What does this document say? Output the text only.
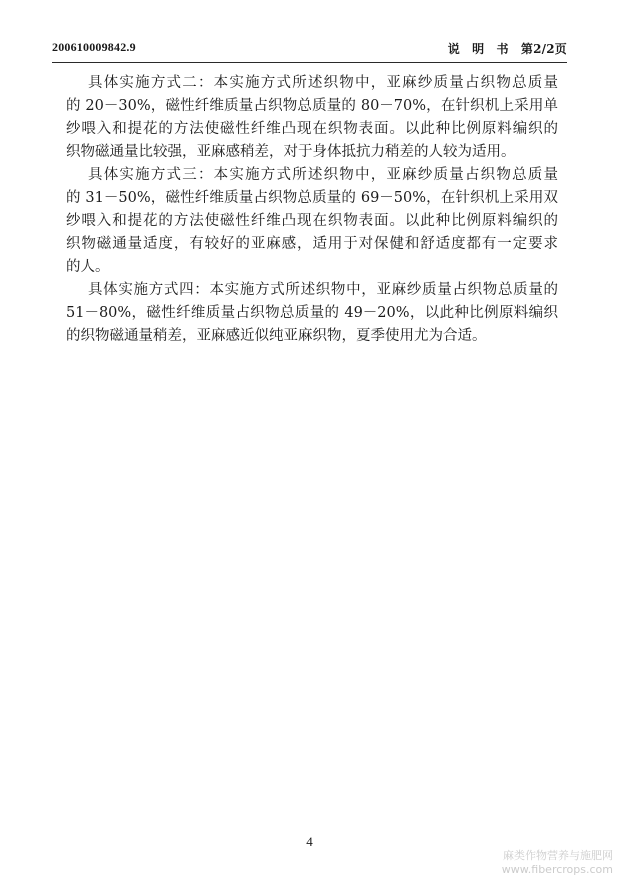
200610009842.9	说　明　书　第2/2页
具体实施方式二：本实施方式所述织物中，亚麻纱质量占织物总质量
的 20－30%，磁性纤维质量占织物总质量的 80－70%，在针织机上采用单
纱喂入和提花的方法使磁性纤维凸现在织物表面。以此种比例原料编织的
织物磁通量比较强，亚麻感稍差，对于身体抵抗力稍差的人较为适用。
具体实施方式三：本实施方式所述织物中，亚麻纱质量占织物总质量
的 31－50%，磁性纤维质量占织物总质量的 69－50%，在针织机上采用双
纱喂入和提花的方法使磁性纤维凸现在织物表面。以此种比例原料编织的
织物磁通量适度，有较好的亚麻感，适用于对保健和舒适度都有一定要求
的人。
具体实施方式四：本实施方式所述织物中，亚麻纱质量占织物总质量的
51－80%，磁性纤维质量占织物总质量的 49－20%，以此种比例原料编织
的织物磁通量稍差，亚麻感近似纯亚麻织物，夏季使用尤为合适。
4
麻类作物营养与施肥网
www.fibercrops.com
